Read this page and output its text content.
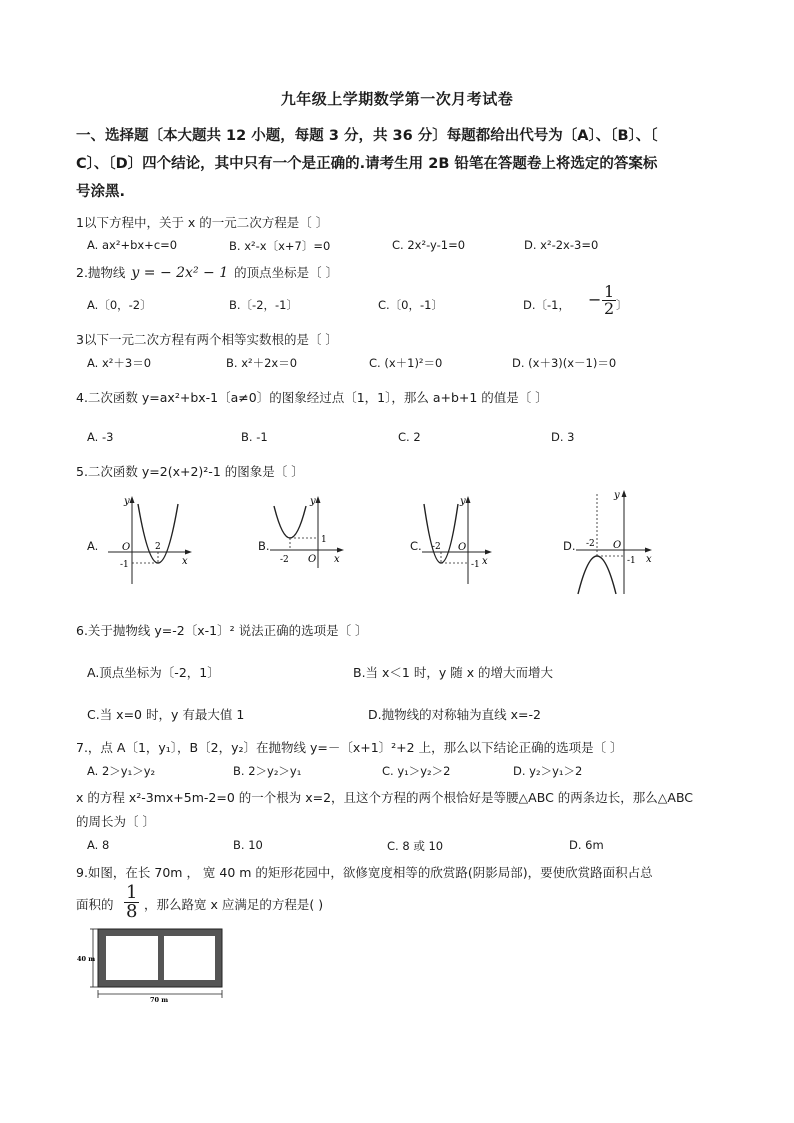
九年级上学期数学第一次月考试卷
一、选择题〔本大题共 12 小题，每题 3 分，共 36 分〕每题都给出代号为〔A〕、〔B〕、〔
C〕、〔D〕四个结论，其中只有一个是正确的.请考生用 2B 铅笔在答题卷上将选定的答案标
号涂黑.
1以下方程中，关于 x 的一元二次方程是〔 〕
A. ax²+bx+c=0	B. x²-x〔x+7〕=0	C. 2x²-y-1=0	D. x²-2x-3=0
2.抛物线 y = − 2x² − 1 的顶点坐标是〔 〕
A.〔0，-2〕	B.〔-2，-1〕	C.〔0，-1〕	D.〔-1， − $\frac{1}{2}$ 〕
3以下一元二次方程有两个相等实数根的是〔 〕
A. x²＋3＝0	B. x²＋2x＝0	C. (x＋1)²＝0	D. (x＋3)(x－1)＝0
4.二次函数 y=ax²+bx-1〔a≠0〕的图象经过点〔1，1〕，那么 a+b+1 的值是〔 〕
A. -3	B. -1	C. 2	D. 3
5.二次函数 y=2(x+2)²-1 的图象是〔 〕
A.
y
x
O	2
-1
B.
y
x
O
1
-2
C.
y
x
O
-2
-1
D.
y
x
O
-2
-1
6.关于抛物线 y=-2〔x-1〕² 说法正确的选项是〔 〕
A.顶点坐标为〔-2，1〕	B.当 x＜1 时，y 随 x 的增大而增大
C.当 x=0 时，y 有最大值 1	D.抛物线的对称轴为直线 x=-2
7.，点 A〔1，y₁〕，B〔2，y₂〕在抛物线 y=－〔x+1〕²+2 上，那么以下结论正确的选项是〔 〕
A. 2＞y₁＞y₂	B. 2＞y₂＞y₁	C. y₁＞y₂＞2	D. y₂＞y₁＞2
x 的方程 x²-3mx+5m-2=0 的一个根为 x=2，且这个方程的两个根恰好是等腰△ABC 的两条边长，那么△ABC
的周长为〔 〕
A. 8	B. 10	C. 8 或 10	D. 6m
9.如图，在长 70m ， 宽 40 m 的矩形花园中，欲修宽度相等的欣赏路(阴影局部)，要使欣赏路面积占总
面积的 $\frac{1}{8}$ ，那么路宽 x 应满足的方程是( )
40 m
70 m
